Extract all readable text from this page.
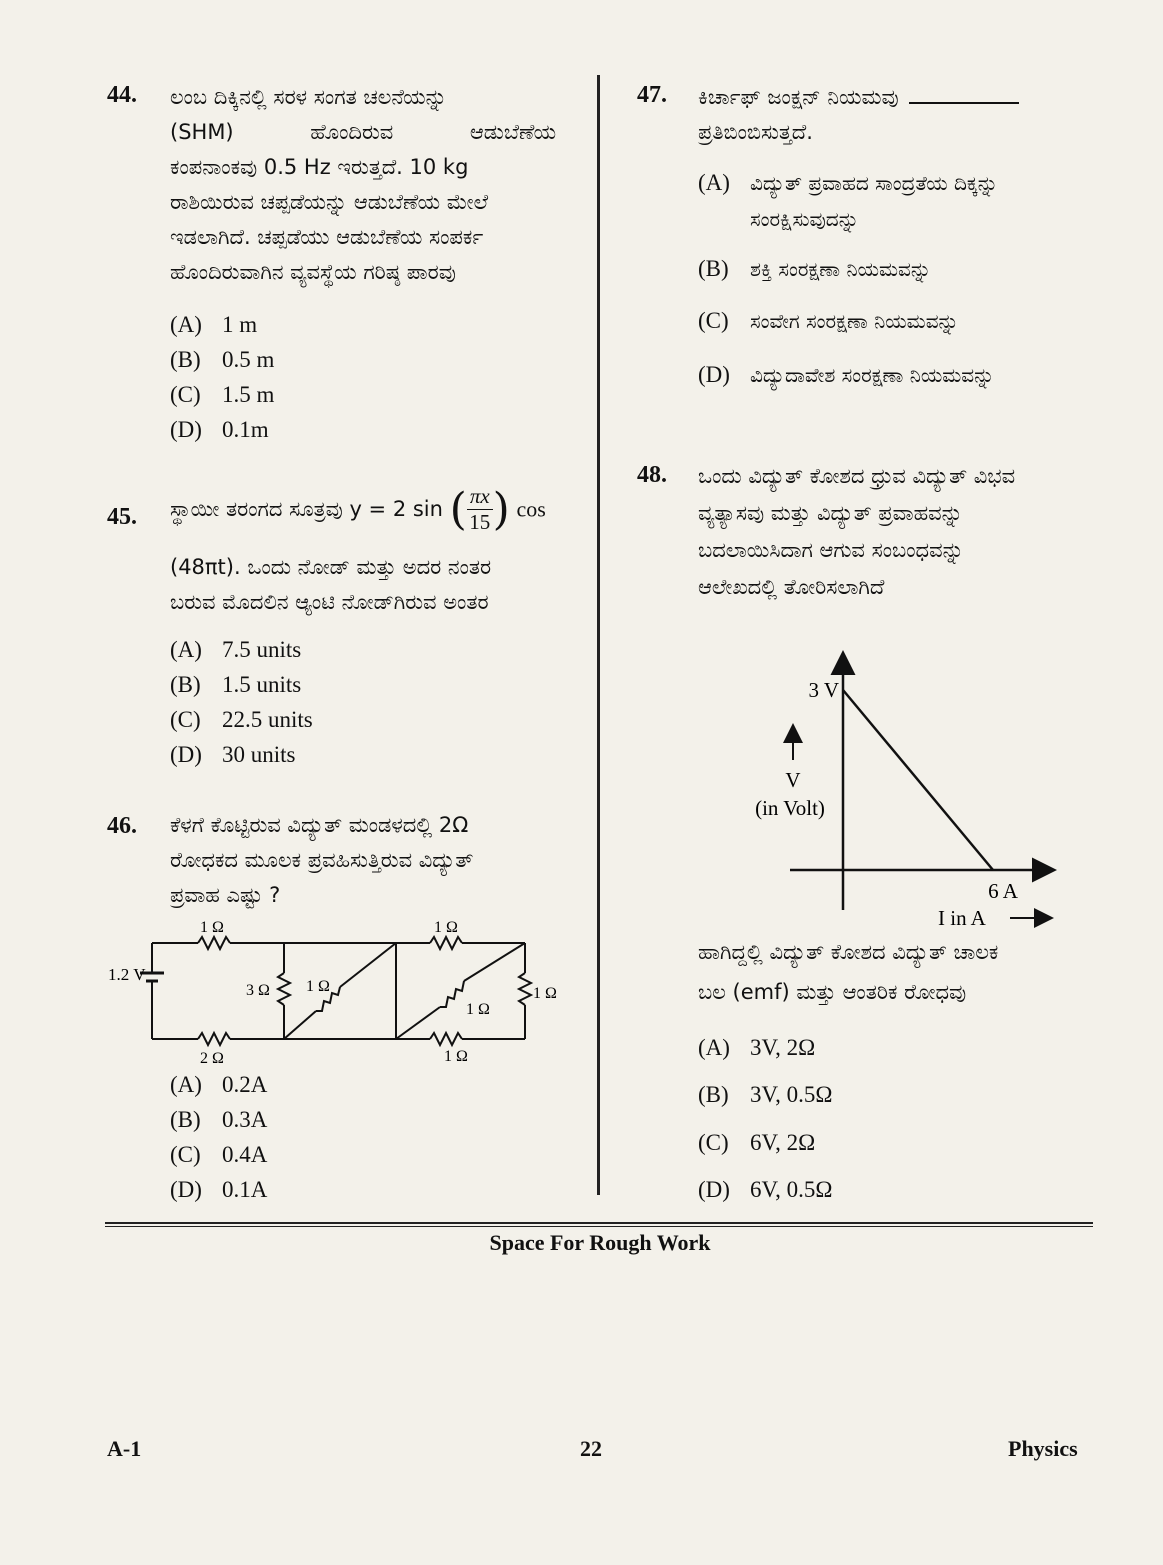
44. ಲಂಬ ದಿಕ್ಕಿನಲ್ಲಿ ಸರಳ ಸಂಗತ ಚಲನೆಯನ್ನು
(SHM) ಹೊಂದಿರುವ ಆಡುಬೆಣೆಯ
ಕಂಪನಾಂಕವು 0.5 Hz ಇರುತ್ತದೆ. 10 kg
ರಾಶಿಯಿರುವ ಚಪ್ಪಡೆಯನ್ನು ಆಡುಬೆಣೆಯ ಮೇಲೆ
ಇಡಲಾಗಿದೆ. ಚಪ್ಪಡೆಯು ಆಡುಬೆಣೆಯ ಸಂಪರ್ಕ
ಹೊಂದಿರುವಾಗಿನ ವ್ಯವಸ್ಥೆಯ ಗರಿಷ್ಠ ಪಾರವು
(A) 1 m
(B) 0.5 m
(C) 1.5 m
(D) 0.1m
45. ಸ್ಥಾಯೀ ತರಂಗದ ಸೂತ್ರವು y = 2 sin ( $\frac{\pi x}{15}$ ) cos
(48πt). ಒಂದು ನೋಡ್ ಮತ್ತು ಅದರ ನಂತರ
ಬರುವ ಮೊದಲಿನ ಆ್ಯಂಟಿ ನೋಡ್‌ಗಿರುವ ಅಂತರ
(A) 7.5 units
(B) 1.5 units
(C) 22.5 units
(D) 30 units
46. ಕೆಳಗೆ ಕೊಟ್ಟಿರುವ ವಿದ್ಯುತ್ ಮಂಡಳದಲ್ಲಿ 2Ω
ರೋಧಕದ ಮೂಲಕ ಪ್ರವಹಿಸುತ್ತಿರುವ ವಿದ್ಯುತ್
ಪ್ರವಾಹ ಎಷ್ಟು ?
1.2 V
1 Ω	1 Ω
2 Ω	1 Ω
3 Ω 1 Ω
1 Ω
1 Ω
(A) 0.2A
(B) 0.3A
(C) 0.4A
(D) 0.1A
47. ಕಿರ್ಚಾಫ್ ಜಂಕ್ಷನ್ ನಿಯಮವು
ಪ್ರತಿಬಿಂಬಿಸುತ್ತದೆ.
(A) ವಿದ್ಯುತ್ ಪ್ರವಾಹದ ಸಾಂದ್ರತೆಯ ದಿಕ್ಕನ್ನು
ಸಂರಕ್ಷಿಸುವುದನ್ನು
(B) ಶಕ್ತಿ ಸಂರಕ್ಷಣಾ ನಿಯಮವನ್ನು
(C) ಸಂವೇಗ ಸಂರಕ್ಷಣಾ ನಿಯಮವನ್ನು
(D) ವಿದ್ಯುದಾವೇಶ ಸಂರಕ್ಷಣಾ ನಿಯಮವನ್ನು
48. ಒಂದು ವಿದ್ಯುತ್ ಕೋಶದ ಧ್ರುವ ವಿದ್ಯುತ್ ವಿಭವ
ವ್ಯತ್ಯಾಸವು ಮತ್ತು ವಿದ್ಯುತ್ ಪ್ರವಾಹವನ್ನು
ಬದಲಾಯಿಸಿದಾಗ ಆಗುವ ಸಂಬಂಧವನ್ನು
ಆಲೇಖದಲ್ಲಿ ತೋರಿಸಲಾಗಿದೆ
3 V
6 A
V
(in Volt)
I in A
ಹಾಗಿದ್ದಲ್ಲಿ ವಿದ್ಯುತ್ ಕೋಶದ ವಿದ್ಯುತ್ ಚಾಲಕ
ಬಲ (emf) ಮತ್ತು ಆಂತರಿಕ ರೋಧವು
(A) 3V, 2Ω
(B) 3V, 0.5Ω
(C) 6V, 2Ω
(D) 6V, 0.5Ω
Space For Rough Work
A-1	22	Physics
